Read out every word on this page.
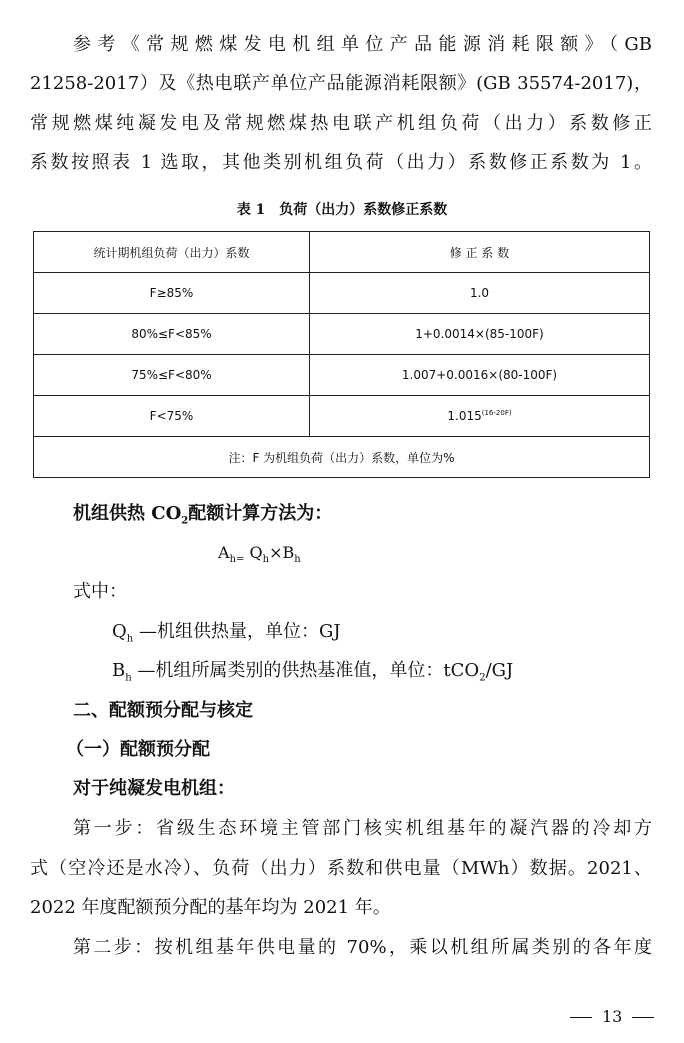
参考《常规燃煤发电机组单位产品能源消耗限额》（GB
21258-2017）及《热电联产单位产品能源消耗限额》(GB 35574-2017)，
常规燃煤纯凝发电及常规燃煤热电联产机组负荷（出力）系数修正
系数按照表 1 选取，其他类别机组负荷（出力）系数修正系数为 1。
表 1　负荷（出力）系数修正系数
统计期机组负荷（出力）系数	修 正 系 数
F≥85%	1.0
80%≤F<85%	1+0.0014×(85-100F)
75%≤F<80%	1.007+0.0016×(80-100F)
F<75%	$1.015^{(16-20F)}$
注：F 为机组负荷（出力）系数，单位为%	
机组供热 $CO_2$配额计算方法为：
$A_{h=}$ $Q_h\times B_h$
式中：
$Q_h$ —机组供热量，单位：GJ
$B_h$ —机组所属类别的供热基准值，单位：tCO$_2$/GJ
二、配额预分配与核定
（一）配额预分配
对于纯凝发电机组：
第一步：省级生态环境主管部门核实机组基年的凝汽器的冷却方
式（空冷还是水冷）、负荷（出力）系数和供电量（MWh）数据。2021、
2022 年度配额预分配的基年均为 2021 年。
第二步：按机组基年供电量的 70%，乘以机组所属类别的各年度
13
